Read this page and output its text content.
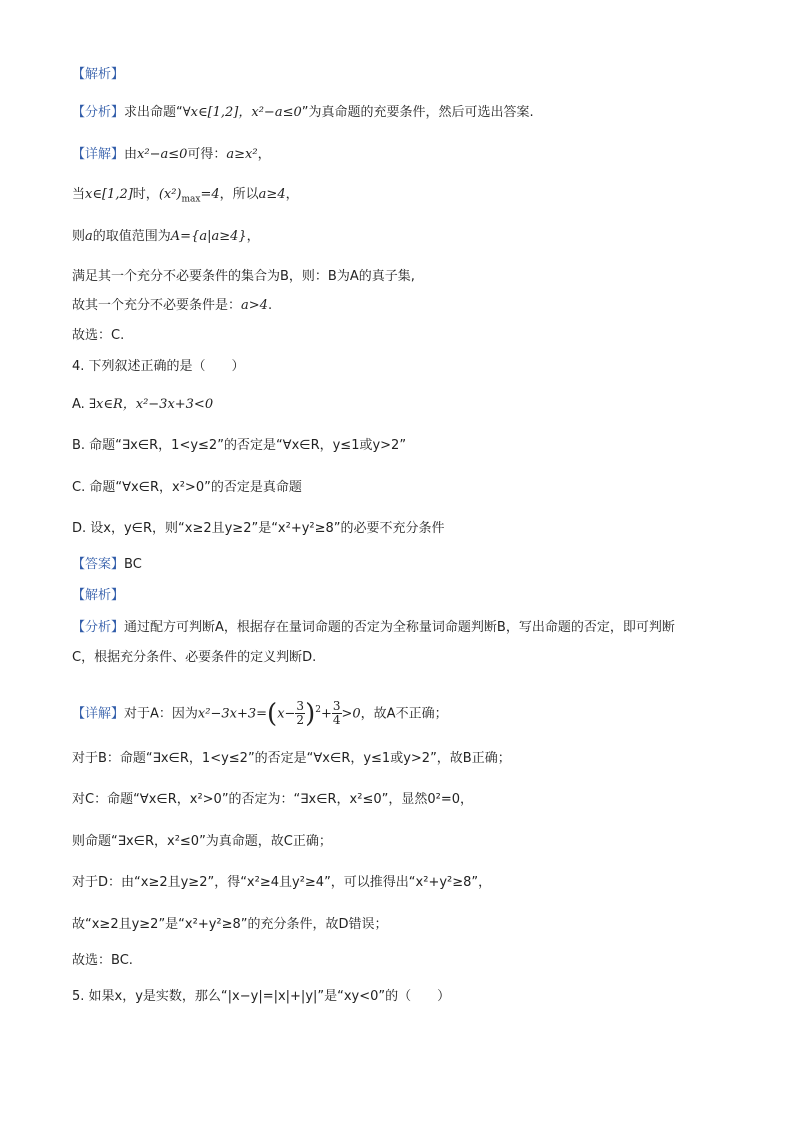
【解析】
【分析】求出命题“∀x∈[1,2]，x²−a≤0”为真命题的充要条件，然后可选出答案.
【详解】由x²−a≤0可得：a≥x²，
当x∈[1,2]时，$(x^2)_{max}=4$，所以a≥4，
则a的取值范围为A={a|a≥4}，
满足其一个充分不必要条件的集合为B，则：B为A的真子集,
故其一个充分不必要条件是：a>4.
故选：C.
4. 下列叙述正确的是（　　）
A. ∃x∈R，x²−3x+3<0
B. 命题“∃x∈R，1<y≤2”的否定是“∀x∈R，y≤1或y>2”
C. 命题“∀x∈R，x²>0”的否定是真命题
D. 设x，y∈R，则“x≥2且y≥2”是“x²+y²≥8”的必要不充分条件
【答案】BC
【解析】
【分析】通过配方可判断A，根据存在量词命题的否定为全称量词命题判断B，写出命题的否定，即可判断
C，根据充分条件、必要条件的定义判断D.
【详解】对于A：因为$x^2-3x+3=(x- \frac{3}{2} )^2+ \frac{3}{4} >0$，故A不正确；
对于B：命题“∃x∈R，1<y≤2”的否定是“∀x∈R，y≤1或y>2”，故B正确；
对C：命题“∀x∈R，x²>0”的否定为：“∃x∈R，x²≤0”，显然0²=0，
则命题“∃x∈R，x²≤0”为真命题，故C正确；
对于D：由“x≥2且y≥2”，得“x²≥4且y²≥4”，可以推得出“x²+y²≥8”，
故“x≥2且y≥2”是“x²+y²≥8”的充分条件，故D错误；
故选：BC.
5. 如果x，y是实数，那么“|x−y|=|x|+|y|”是“xy<0”的（　　）
